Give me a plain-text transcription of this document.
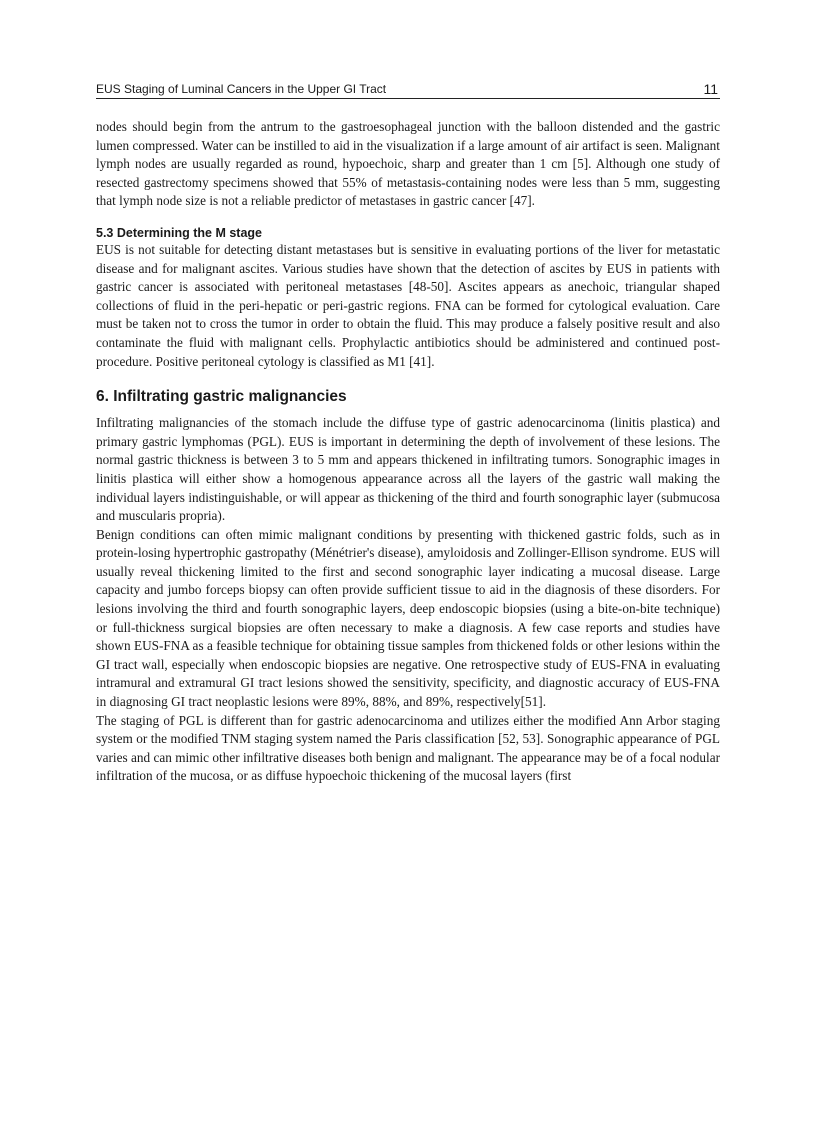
EUS Staging of Luminal Cancers in the Upper GI Tract	11

nodes should begin from the antrum to the gastroesophageal junction with the balloon distended and the gastric lumen compressed. Water can be instilled to aid in the visualization if a large amount of air artifact is seen. Malignant lymph nodes are usually regarded as round, hypoechoic, sharp and greater than 1 cm [5]. Although one study of resected gastrectomy specimens showed that 55% of metastasis-containing nodes were less than 5 mm, suggesting that lymph node size is not a reliable predictor of metastases in gastric cancer [47].

5.3 Determining the M stage

EUS is not suitable for detecting distant metastases but is sensitive in evaluating portions of the liver for metastatic disease and for malignant ascites. Various studies have shown that the detection of ascites by EUS in patients with gastric cancer is associated with peritoneal metastases [48-50]. Ascites appears as anechoic, triangular shaped collections of fluid in the peri-hepatic or peri-gastric regions. FNA can be formed for cytological evaluation. Care must be taken not to cross the tumor in order to obtain the fluid. This may produce a falsely positive result and also contaminate the fluid with malignant cells. Prophylactic antibiotics should be administered and continued post-procedure. Positive peritoneal cytology is classified as M1 [41].

6. Infiltrating gastric malignancies

Infiltrating malignancies of the stomach include the diffuse type of gastric adenocarcinoma (linitis plastica) and primary gastric lymphomas (PGL). EUS is important in determining the depth of involvement of these lesions. The normal gastric thickness is between 3 to 5 mm and appears thickened in infiltrating tumors. Sonographic images in linitis plastica will either show a homogenous appearance across all the layers of the gastric wall making the individual layers indistinguishable, or will appear as thickening of the third and fourth sonographic layer (submucosa and muscularis propria).

Benign conditions can often mimic malignant conditions by presenting with thickened gastric folds, such as in protein-losing hypertrophic gastropathy (Ménétrier's disease), amyloidosis and Zollinger-Ellison syndrome. EUS will usually reveal thickening limited to the first and second sonographic layer indicating a mucosal disease. Large capacity and jumbo forceps biopsy can often provide sufficient tissue to aid in the diagnosis of these disorders. For lesions involving the third and fourth sonographic layers, deep endoscopic biopsies (using a bite-on-bite technique) or full-thickness surgical biopsies are often necessary to make a diagnosis. A few case reports and studies have shown EUS-FNA as a feasible technique for obtaining tissue samples from thickened folds or other lesions within the GI tract wall, especially when endoscopic biopsies are negative. One retrospective study of EUS-FNA in evaluating intramural and extramural GI tract lesions showed the sensitivity, specificity, and diagnostic accuracy of EUS-FNA in diagnosing GI tract neoplastic lesions were 89%, 88%, and 89%, respectively[51].

The staging of PGL is different than for gastric adenocarcinoma and utilizes either the modified Ann Arbor staging system or the modified TNM staging system named the Paris classification [52, 53]. Sonographic appearance of PGL varies and can mimic other infiltrative diseases both benign and malignant. The appearance may be of a focal nodular infiltration of the mucosa, or as diffuse hypoechoic thickening of the mucosal layers (first
